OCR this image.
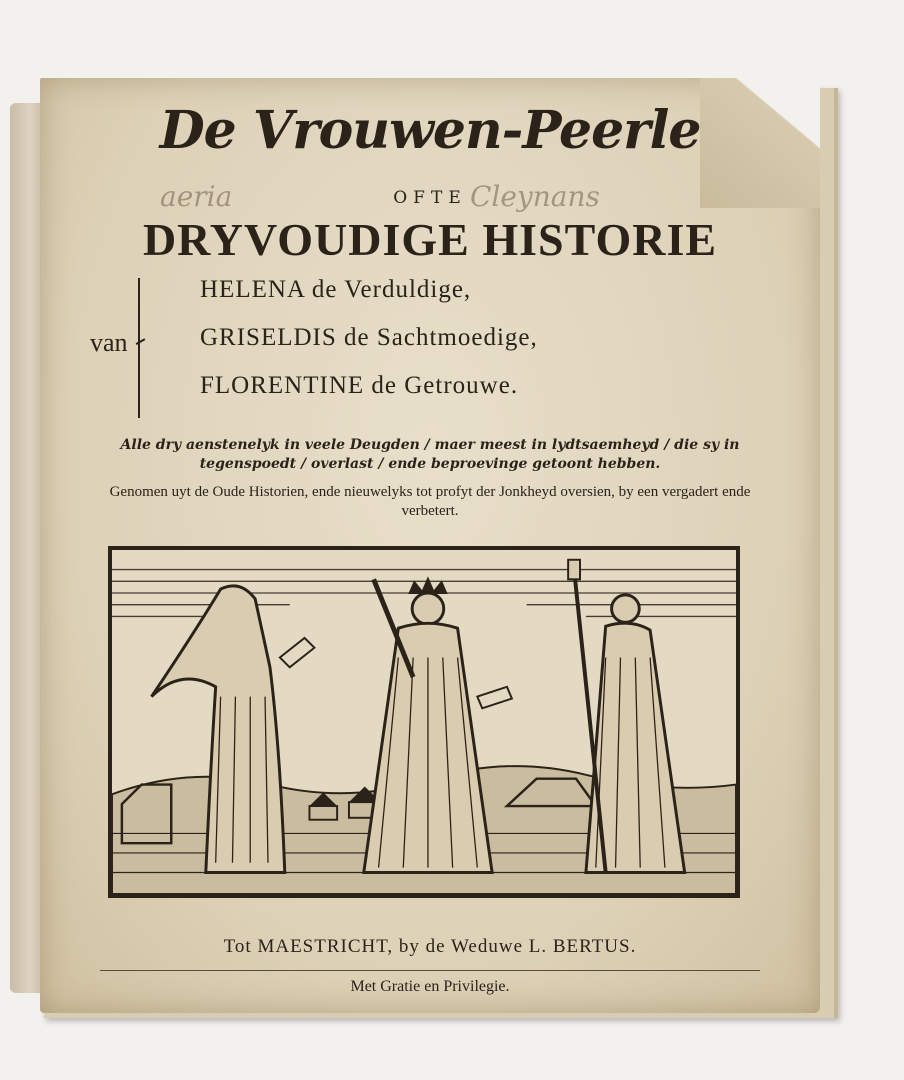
De Vrouwen-Peerle
aeria	Cleynans
OFTE
DRYVOUDIGE HISTORIE
van
HELENA de Verduldige,
GRISELDIS de Sachtmoedige,
FLORENTINE de Getrouwe.
Alle dry aenstenelyk in veele Deugden / maer meest in lydtsaemheyd / die sy in tegenspoedt / overlast / ende beproevinge getoont hebben.
Genomen uyt de Oude Historien, ende nieuwelyks tot profyt der Jonkheyd oversien, by een vergadert ende verbetert.
Tot MAESTRICHT, by de Weduwe L. BERTUS.
Met Gratie en Privilegie.
